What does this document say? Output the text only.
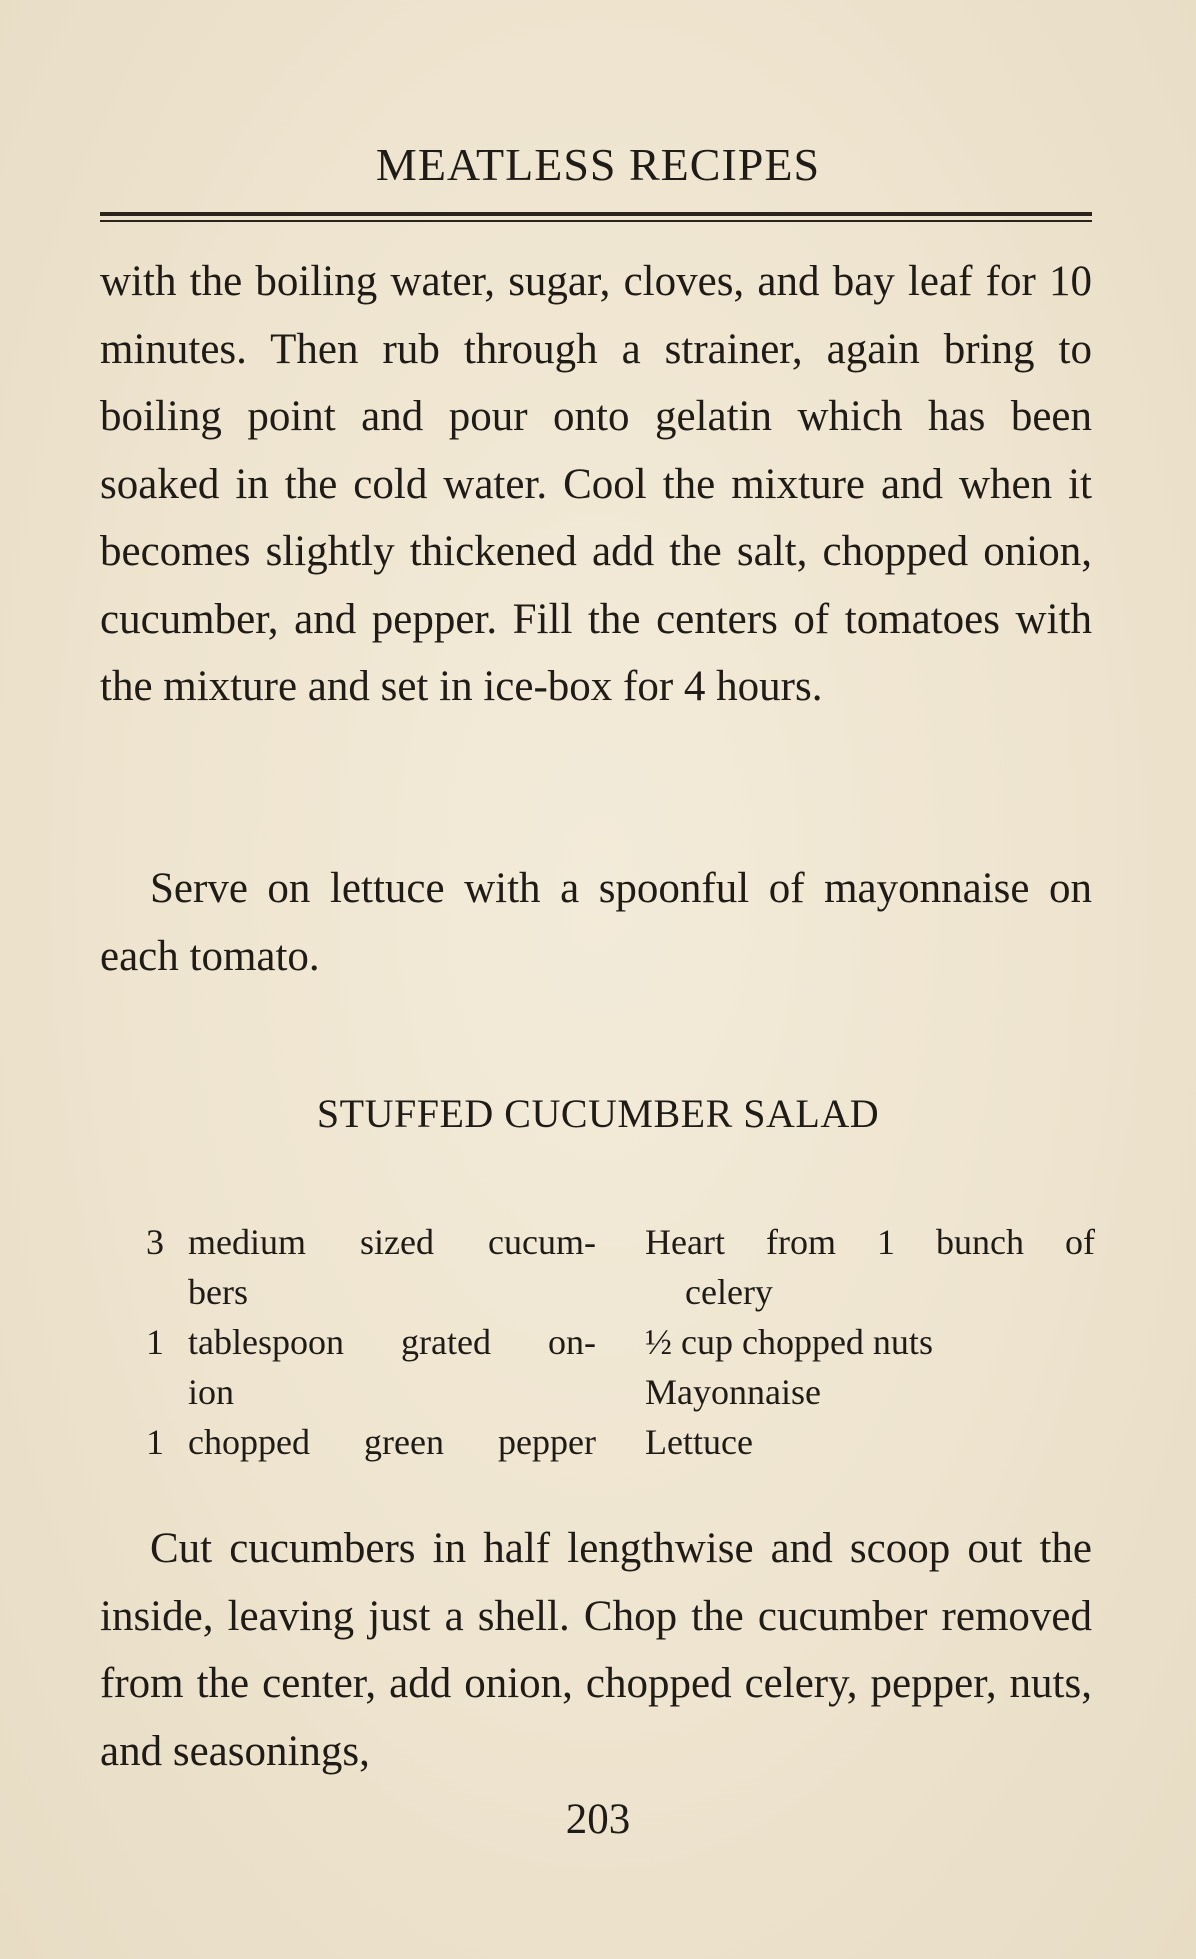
MEATLESS RECIPES
with the boiling water, sugar, cloves, and bay leaf for 10 minutes. Then rub through a strainer, again bring to boiling point and pour onto gelatin which has been soaked in the cold water. Cool the mixture and when it becomes slightly thickened add the salt, chopped onion, cucumber, and pepper. Fill the centers of tomatoes with the mixture and set in ice-box for 4 hours.
Serve on lettuce with a spoonful of mayonnaise on each tomato.
STUFFED CUCUMBER SALAD
3 medium sized cucum-
bers
1 tablespoon grated on-
ion
1 chopped green pepper
Heart from 1 bunch of
celery
½ cup chopped nuts
Mayonnaise
Lettuce
Cut cucumbers in half lengthwise and scoop out the inside, leaving just a shell. Chop the cucumber removed from the center, add onion, chopped celery, pepper, nuts, and seasonings,
203
